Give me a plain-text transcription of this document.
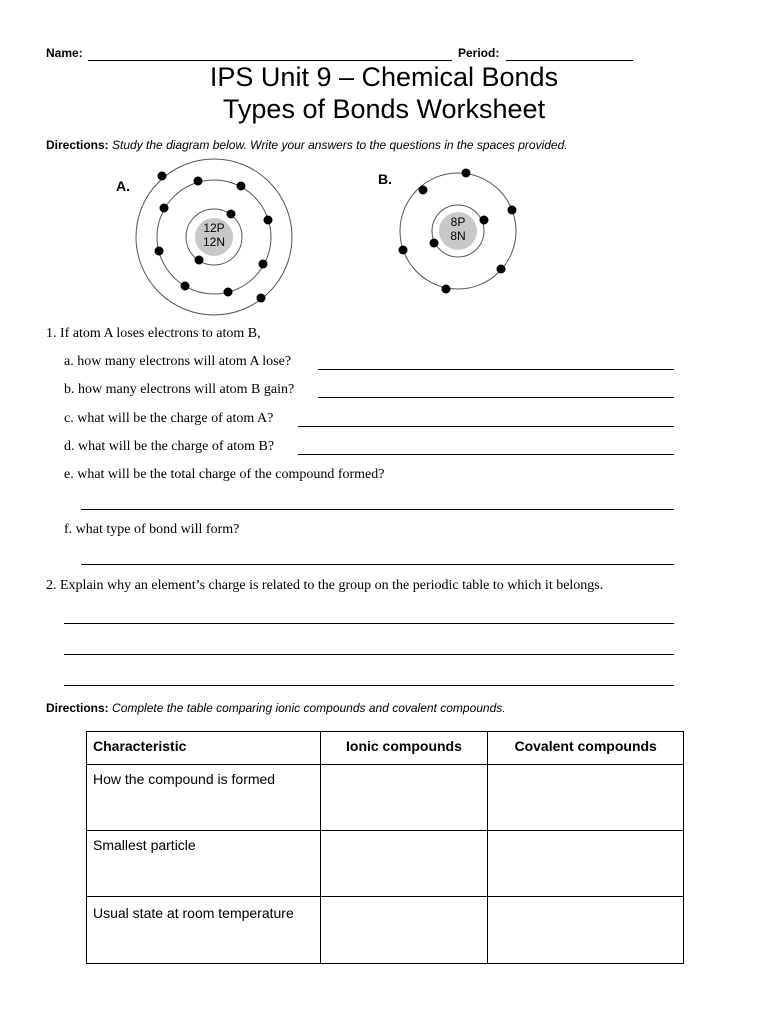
Name:	Period:
IPS Unit 9 – Chemical Bonds
Types of Bonds Worksheet
Directions: Study the diagram below. Write your answers to the questions in the spaces provided.
A.	B.
12P
12N
8P
8N
1. If atom A loses electrons to atom B,
a. how many electrons will atom A lose?
b. how many electrons will atom B gain?
c. what will be the charge of atom A?
d. what will be the charge of atom B?
e. what will be the total charge of the compound formed?
f. what type of bond will form?
2. Explain why an element’s charge is related to the group on the periodic table to which it belongs.
Directions: Complete the table comparing ionic compounds and covalent compounds.
Characteristic	Ionic compounds	Covalent compounds
How the compound is formed		
Smallest particle		
Usual state at room temperature		
